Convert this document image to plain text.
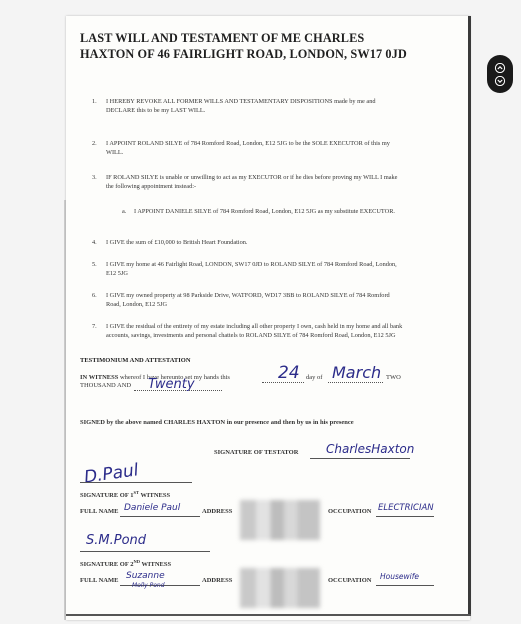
LAST WILL AND TESTAMENT OF ME CHARLES HAXTON OF 46 FAIRLIGHT ROAD, LONDON, SW17 0JD
1. I HEREBY REVOKE ALL FORMER WILLS AND TESTAMENTARY DISPOSITIONS made by me and DECLARE this to be my LAST WILL.
2. I APPOINT ROLAND SILYE of 784 Romford Road, London, E12 5JG to be the SOLE EXECUTOR of this my WILL.
3. IF ROLAND SILYE is unable or unwilling to act as my EXECUTOR or if he dies before proving my WILL I make the following appointment instead:-
a. I APPOINT DANIELE SILYE of 784 Romford Road, London, E12 5JG as my substitute EXECUTOR.
4. I GIVE the sum of £10,000 to British Heart Foundation.
5. I GIVE my home at 46 Fairlight Road, LONDON, SW17 0JD to ROLAND SILYE of 784 Romford Road, London, E12 5JG
6. I GIVE my owned property at 98 Parkside Drive, WATFORD, WD17 3BB to ROLAND SILYE of 784 Romford Road, London, E12 5JG
7. I GIVE the residual of the entirety of my estate including all other property I own, cash held in my home and all bank accounts, savings, investments and personal chattels to ROLAND SILYE of 784 Romford Road, London, E12 5JG
TESTIMONIUM AND ATTESTATION
IN WITNESS whereof I have hereunto set my hands this	24 day of March TWO
THOUSAND AND Twenty
SIGNED by the above named CHARLES HAXTON in our presence and then by us in his presence
SIGNATURE OF TESTATOR CharlesHaxton
D.Paul
SIGNATURE OF 1ST WITNESS
FULL NAME Daniele Paul	ADDRESS	OCCUPATION ELECTRICIAN
S.M.Pond
SIGNATURE OF 2ND WITNESS
FULL NAME Suzanne
Molly Pond
ADDRESS	OCCUPATION Housewife
